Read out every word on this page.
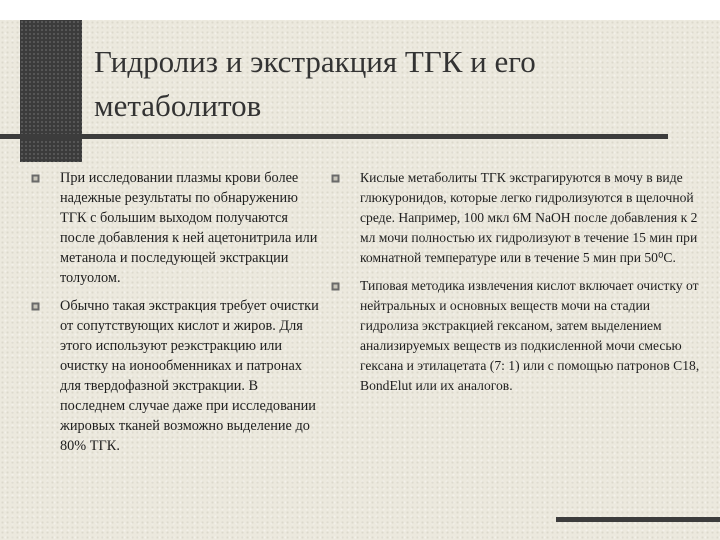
Гидролиз и экстракция ТГК и его метаболитов
При исследовании плазмы крови более надежные результаты по обнаружению ТГК с большим выходом получаются после добавления к ней ацетонитрила или метанола и последующей экстракции толуолом.
Обычно такая экстракция требует очистки от сопутствующих кислот и жиров. Для этого используют реэкстракцию или очистку на ионообменниках и патронах для твердофазной экстракции. В последнем случае даже при исследовании жировых тканей возможно выделение до 80% ТГК.
Кислые метаболиты ТГК экстрагируются в мочу в виде глюкуронидов, которые легко гидролизуются в щелочной среде. Например, 100 мкл 6М NaOH после добавления к 2 мл мочи полностью их гидролизуют в течение 15 мин при комнатной температуре или в течение 5 мин при 50⁰С.
Типовая методика извлечения кислот включает очистку от нейтральных и основных веществ мочи на стадии гидролиза экстракцией гексаном, затем выделением анализируемых веществ из подкисленной мочи смесью гексана и этилацетата (7: 1) или с помощью патронов С18, BondElut или их аналогов.
